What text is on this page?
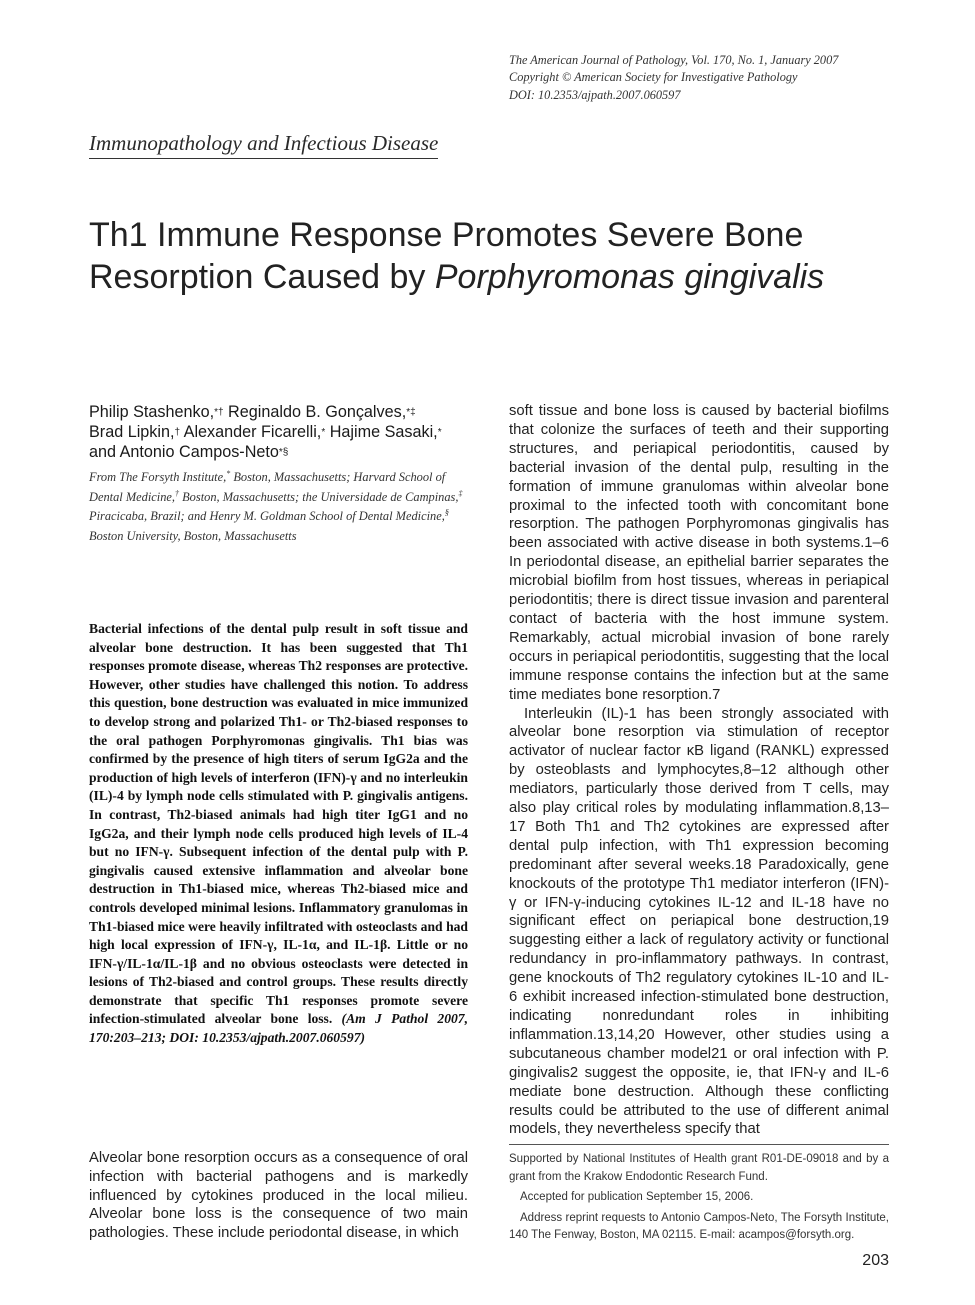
The American Journal of Pathology, Vol. 170, No. 1, January 2007
Copyright © American Society for Investigative Pathology
DOI: 10.2353/ajpath.2007.060597
Immunopathology and Infectious Disease
Th1 Immune Response Promotes Severe Bone
Resorption Caused by Porphyromonas gingivalis
Philip Stashenko,*† Reginaldo B. Gonçalves,*‡
Brad Lipkin,† Alexander Ficarelli,* Hajime Sasaki,*
and Antonio Campos-Neto*§
From The Forsyth Institute,* Boston, Massachusetts; Harvard School of Dental Medicine,† Boston, Massachusetts; the Universidade de Campinas,‡ Piracicaba, Brazil; and Henry M. Goldman School of Dental Medicine,§ Boston University, Boston, Massachusetts
Bacterial infections of the dental pulp result in soft tissue and alveolar bone destruction. It has been suggested that Th1 responses promote disease, whereas Th2 responses are protective. However, other studies have challenged this notion. To address this question, bone destruction was evaluated in mice immunized to develop strong and polarized Th1- or Th2-biased responses to the oral pathogen Porphyromonas gingivalis. Th1 bias was confirmed by the presence of high titers of serum IgG2a and the production of high levels of interferon (IFN)-γ and no interleukin (IL)-4 by lymph node cells stimulated with P. gingivalis antigens. In contrast, Th2-biased animals had high titer IgG1 and no IgG2a, and their lymph node cells produced high levels of IL-4 but no IFN-γ. Subsequent infection of the dental pulp with P. gingivalis caused extensive inflammation and alveolar bone destruction in Th1-biased mice, whereas Th2-biased mice and controls developed minimal lesions. Inflammatory granulomas in Th1-biased mice were heavily infiltrated with osteoclasts and had high local expression of IFN-γ, IL-1α, and IL-1β. Little or no IFN-γ/IL-1α/IL-1β and no obvious osteoclasts were detected in lesions of Th2-biased and control groups. These results directly demonstrate that specific Th1 responses promote severe infection-stimulated alveolar bone loss. (Am J Pathol 2007, 170:203–213; DOI: 10.2353/ajpath.2007.060597)

Alveolar bone resorption occurs as a consequence of oral infection with bacterial pathogens and is markedly influenced by cytokines produced in the local milieu. Alveolar bone loss is the consequence of two main pathologies. These include periodontal disease, in which

soft tissue and bone loss is caused by bacterial biofilms that colonize the surfaces of teeth and their supporting structures, and periapical periodontitis, caused by bacterial invasion of the dental pulp, resulting in the formation of immune granulomas within alveolar bone proximal to the infected tooth with concomitant bone resorption. The pathogen Porphyromonas gingivalis has been associated with active disease in both systems.1–6 In periodontal disease, an epithelial barrier separates the microbial biofilm from host tissues, whereas in periapical periodontitis; there is direct tissue invasion and parenteral contact of bacteria with the host immune system. Remarkably, actual microbial invasion of bone rarely occurs in periapical periodontitis, suggesting that the local immune response contains the infection but at the same time mediates bone resorption.7

Interleukin (IL)-1 has been strongly associated with alveolar bone resorption via stimulation of receptor activator of nuclear factor κB ligand (RANKL) expressed by osteoblasts and lymphocytes,8–12 although other mediators, particularly those derived from T cells, may also play critical roles by modulating inflammation.8,13–17 Both Th1 and Th2 cytokines are expressed after dental pulp infection, with Th1 expression becoming predominant after several weeks.18 Paradoxically, gene knockouts of the prototype Th1 mediator interferon (IFN)-γ or IFN-γ-inducing cytokines IL-12 and IL-18 have no significant effect on periapical bone destruction,19 suggesting either a lack of regulatory activity or functional redundancy in pro-inflammatory pathways. In contrast, gene knockouts of Th2 regulatory cytokines IL-10 and IL-6 exhibit increased infection-stimulated bone destruction, indicating nonredundant roles in inhibiting inflammation.13,14,20 However, other studies using a subcutaneous chamber model21 or oral infection with P. gingivalis2 suggest the opposite, ie, that IFN-γ and IL-6 mediate bone destruction. Although these conflicting results could be attributed to the use of different animal models, they nevertheless specify that

Supported by National Institutes of Health grant R01-DE-09018 and by a grant from the Krakow Endodontic Research Fund.

Accepted for publication September 15, 2006.

Address reprint requests to Antonio Campos-Neto, The Forsyth Institute, 140 The Fenway, Boston, MA 02115. E-mail: acampos@forsyth.org.

203
